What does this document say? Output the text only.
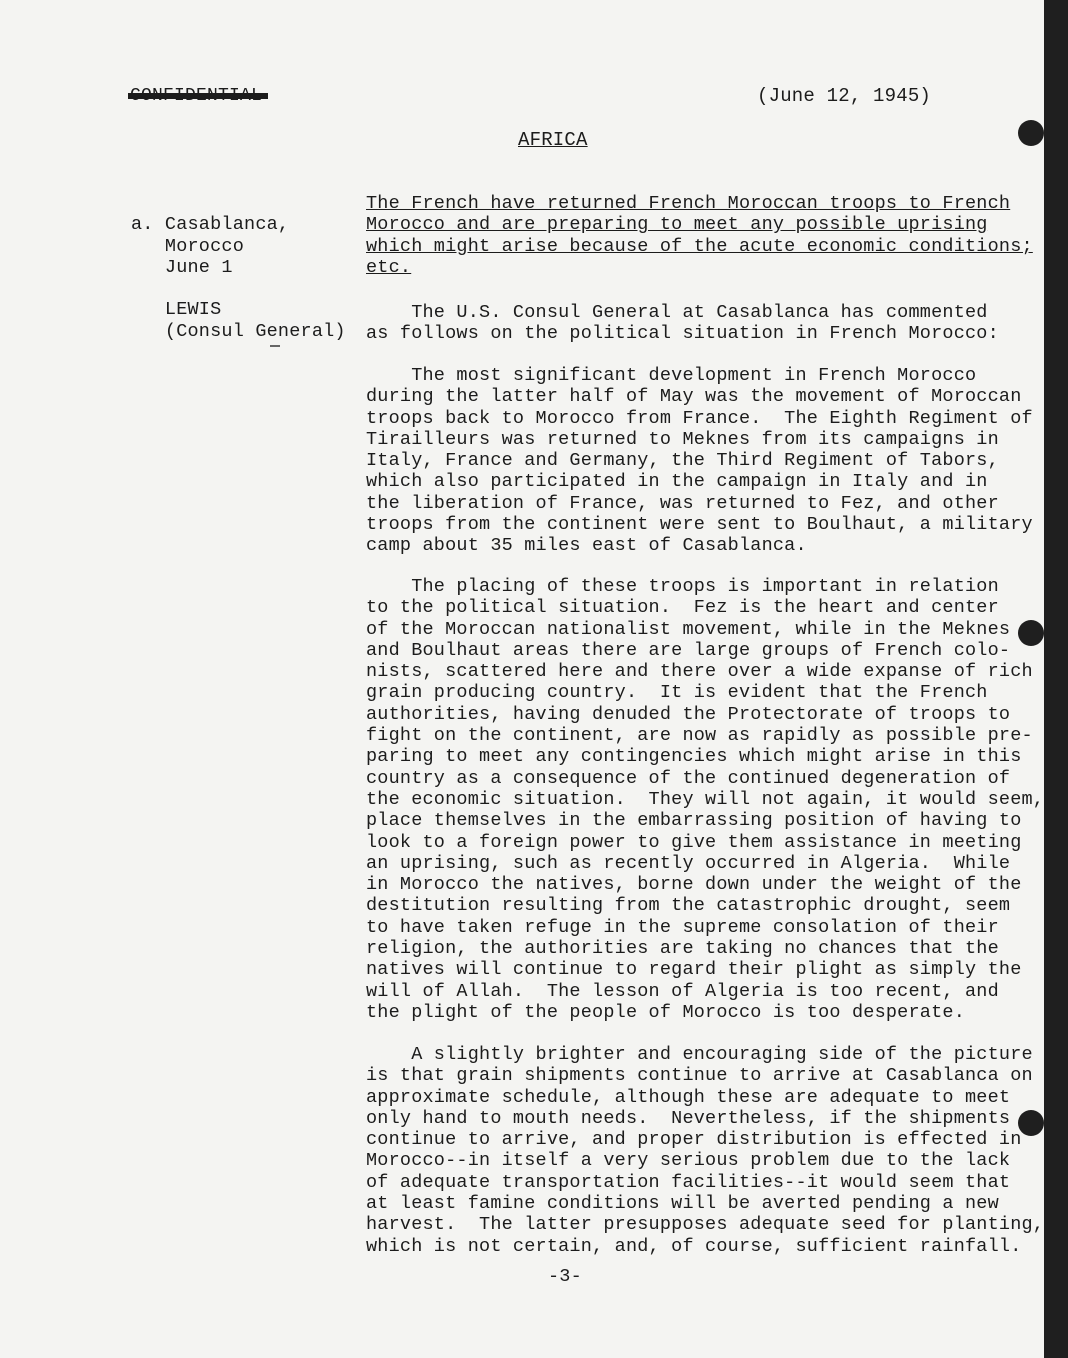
(June 12, 1945)
AFRICA

a. Casablanca,
Morocco
June 1

LEWIS
(Consul General)
The French have returned French Moroccan troops to French
Morocco and are preparing to meet any possible uprising
which might arise because of the acute economic conditions;
etc.
The U.S. Consul General at Casablanca has commented
as follows on the political situation in French Morocco:
The most significant development in French Morocco
during the latter half of May was the movement of Moroccan
troops back to Morocco from France.  The Eighth Regiment of
Tirailleurs was returned to Meknes from its campaigns in
Italy, France and Germany, the Third Regiment of Tabors,
which also participated in the campaign in Italy and in
the liberation of France, was returned to Fez, and other
troops from the continent were sent to Boulhaut, a military
camp about 35 miles east of Casablanca.
The placing of these troops is important in relation
to the political situation.  Fez is the heart and center
of the Moroccan nationalist movement, while in the Meknes
and Boulhaut areas there are large groups of French colo-
nists, scattered here and there over a wide expanse of rich
grain producing country.  It is evident that the French
authorities, having denuded the Protectorate of troops to
fight on the continent, are now as rapidly as possible pre-
paring to meet any contingencies which might arise in this
country as a consequence of the continued degeneration of
the economic situation.  They will not again, it would seem,
place themselves in the embarrassing position of having to
look to a foreign power to give them assistance in meeting
an uprising, such as recently occurred in Algeria.  While
in Morocco the natives, borne down under the weight of the
destitution resulting from the catastrophic drought, seem
to have taken refuge in the supreme consolation of their
religion, the authorities are taking no chances that the
natives will continue to regard their plight as simply the
will of Allah.  The lesson of Algeria is too recent, and
the plight of the people of Morocco is too desperate.
A slightly brighter and encouraging side of the picture
is that grain shipments continue to arrive at Casablanca on
approximate schedule, although these are adequate to meet
only hand to mouth needs.  Nevertheless, if the shipments
continue to arrive, and proper distribution is effected in
Morocco--in itself a very serious problem due to the lack
of adequate transportation facilities--it would seem that
at least famine conditions will be averted pending a new
harvest.  The latter presupposes adequate seed for planting,
which is not certain, and, of course, sufficient rainfall.
-3-
